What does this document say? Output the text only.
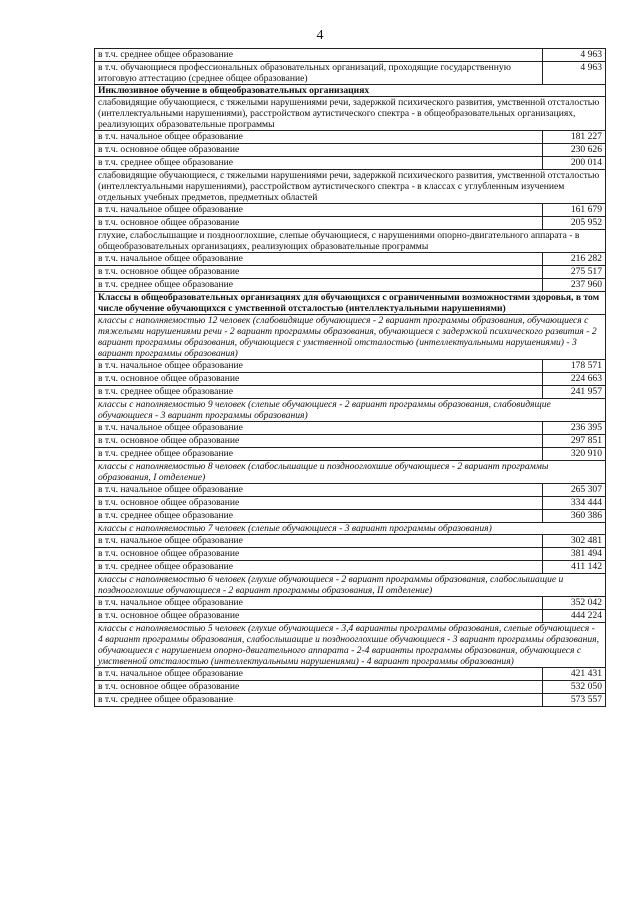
4
в т.ч. среднее общее образование	4 963
в т.ч. обучающиеся профессиональных образовательных организаций, проходящие государственную итоговую аттестацию (среднее общее образование)	4 963
Инклюзивное обучение в общеобразовательных организациях	
слабовидящие обучающиеся, с тяжелыми нарушениями речи, задержкой психического развития, умственной отсталостью (интеллектуальными нарушениями), расстройством аутистического спектра - в общеобразовательных организациях, реализующих образовательные программы	
в т.ч. начальное общее образование	181 227
в т.ч. основное общее образование	230 626
в т.ч. среднее общее образование	200 014
слабовидящие обучающиеся, с тяжелыми нарушениями речи, задержкой психического развития, умственной отсталостью (интеллектуальными нарушениями), расстройством аутистического спектра - в классах с углубленным изучением отдельных учебных предметов, предметных областей	
в т.ч. начальное общее образование	161 679
в т.ч. основное общее образование	205 952
глухие, слабослышащие и позднооглохшие, слепые обучающиеся, с нарушениями опорно-двигательного аппарата - в общеобразовательных организациях, реализующих образовательные программы	
в т.ч. начальное общее образование	216 282
в т.ч. основное общее образование	275 517
в т.ч. среднее общее образование	237 960
Классы в общеобразовательных организациях для обучающихся с ограниченными возможностями здоровья, в том числе обучение обучающихся с умственной отсталостью (интеллектуальными нарушениями)	
классы с наполняемостью 12 человек (слабовидящие обучающиеся - 2 вариант программы образования, обучающиеся с тяжелыми нарушениями речи - 2 вариант программы образования, обучающиеся с задержкой психического развития - 2 вариант программы образования, обучающиеся с умственной отсталостью (интеллектуальными нарушениями) - 3 вариант программы образования)	
в т.ч. начальное общее образование	178 571
в т.ч. основное общее образование	224 663
в т.ч. среднее общее образование	241 957
классы с наполняемостью 9 человек (слепые обучающиеся - 2 вариант программы образования, слабовидящие обучающиеся - 3 вариант программы образования)	
в т.ч. начальное общее образование	236 395
в т.ч. основное общее образование	297 851
в т.ч. среднее общее образование	320 910
классы с наполняемостью 8 человек (слабослышащие и позднооглохшие обучающиеся - 2 вариант программы образования, I отделение)	
в т.ч. начальное общее образование	265 307
в т.ч. основное общее образование	334 444
в т.ч. среднее общее образование	360 386
классы с наполняемостью 7 человек (слепые обучающиеся - 3 вариант программы образования)	
в т.ч. начальное общее образование	302 481
в т.ч. основное общее образование	381 494
в т.ч. среднее общее образование	411 142
классы с наполняемостью 6 человек (глухие обучающиеся - 2 вариант программы образования, слабослышащие и позднооглохшие обучающиеся - 2 вариант программы образования, II отделение)	
в т.ч. начальное общее образование	352 042
в т.ч. основное общее образование	444 224
классы с наполняемостью 5 человек (глухие обучающиеся - 3,4 варианты программы образования, слепые обучающиеся - 4 вариант программы образования, слабослышащие и позднооглохшие обучающиеся - 3 вариант программы образования, обучающиеся с нарушением опорно-двигательного аппарата - 2-4 варианты программы образования, обучающиеся с умственной отсталостью (интеллектуальными нарушениями) - 4 вариант программы образования)	
в т.ч. начальное общее образование	421 431
в т.ч. основное общее образование	532 050
в т.ч. среднее общее образование	573 557
